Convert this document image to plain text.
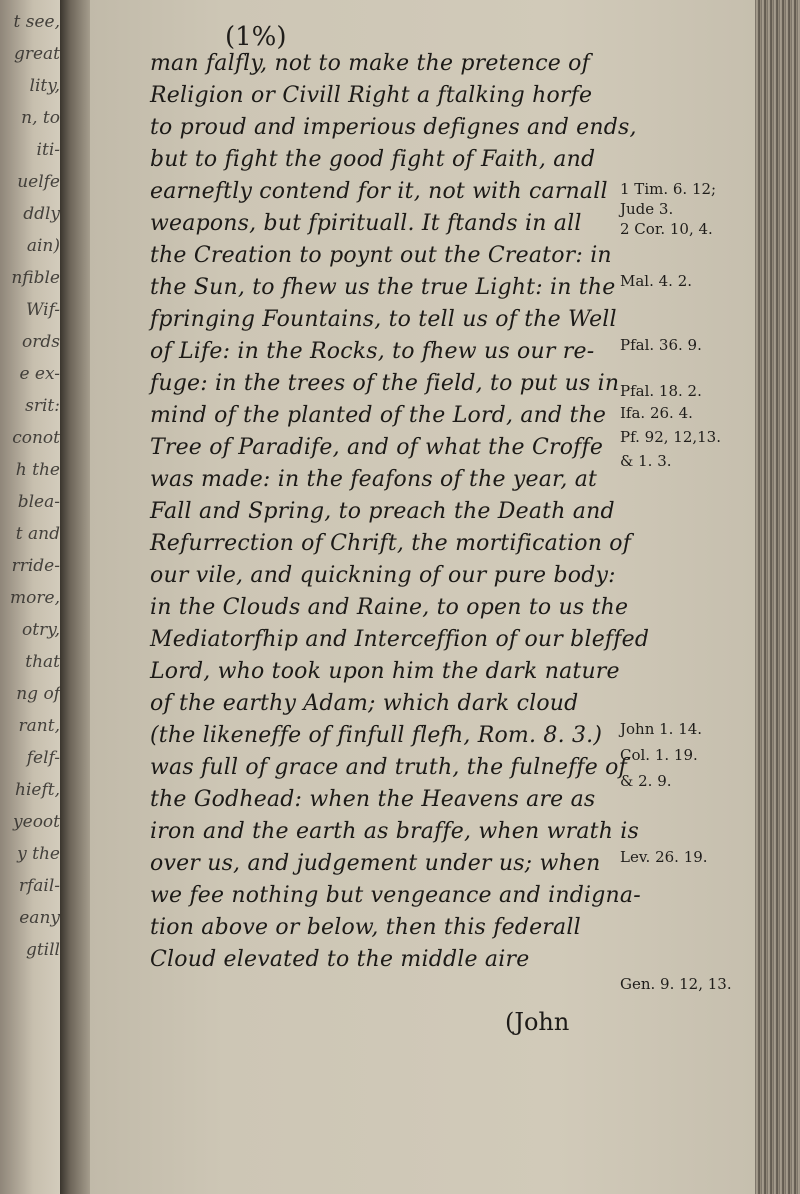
t see,
great
lity,
n, to
iti-
uelfe
ddly
ain)
nfible
Wif-
ords
e ex-
srit:
conot
h the
blea-
t and
rride-
more,
otry,
that
ng of
rant,
felf-
hieft,
yeoot
y the
rfail-
eany
gtill
(1%)
man falfly, not to make the pretence of
Religion or Civill Right a ftalking horfe
to proud and imperious defignes and ends,
but to fight the good fight of Faith, and
earneftly contend for it, not with carnall
weapons, but fpirituall. It ftands in all
the Creation to poynt out the Creator: in
the Sun, to fhew us the true Light: in the
fpringing Fountains, to tell us of the Well
of Life: in the Rocks, to fhew us our re-
fuge: in the trees of the field, to put us in
mind of the planted of the Lord, and the
Tree of Paradife, and of what the Croffe
was made: in the feafons of the year, at
Fall and Spring, to preach the Death and
Refurrection of Chrift, the mortification of
our vile, and quickning of our pure body:
in the Clouds and Raine, to open to us the
Mediatorfhip and Interceffion of our bleffed
Lord, who took upon him the dark nature
of the earthy Adam; which dark cloud
(the likeneffe of finfull flefh, Rom. 8. 3.)
was full of grace and truth, the fulneffe of
the Godhead: when the Heavens are as
iron and the earth as braffe, when wrath is
over us, and judgement under us; when
we fee nothing but vengeance and indigna-
tion above or below, then this federall
Cloud elevated to the middle aire
(John
1 Tim. 6. 12;
Jude 3.
2 Cor. 10, 4.
Mal. 4. 2.
Pfal. 36. 9.
Pfal. 18. 2.
Ifa. 26. 4.
Pf. 92, 12,13.
& 1. 3.
John 1. 14.
Col. 1. 19.
& 2. 9.
Lev. 26. 19.
Gen. 9. 12, 13.
